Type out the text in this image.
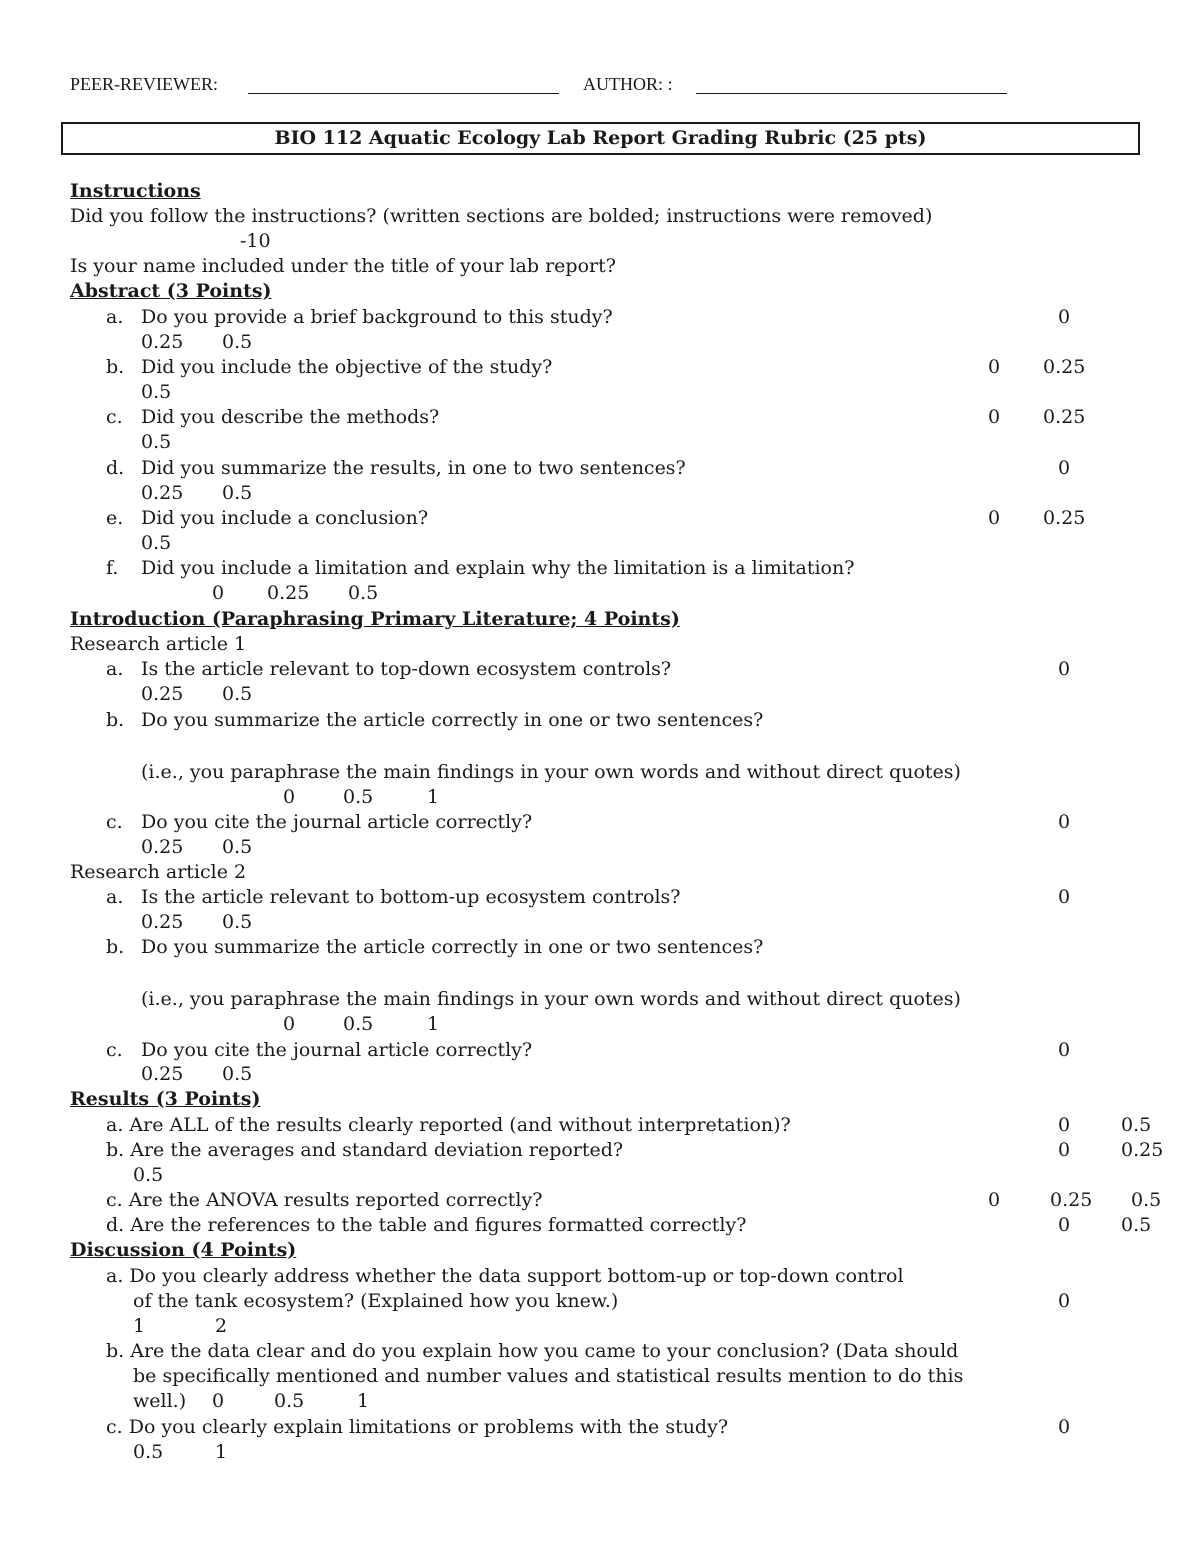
PEER-REVIEWER:	AUTHOR: :
BIO 112 Aquatic Ecology Lab Report Grading Rubric (25 pts)
Instructions
Did you follow the instructions? (written sections are bolded; instructions were removed)
-10
Is your name included under the title of your lab report?
Abstract (3 Points)
a. Do you provide a brief background to this study?	0
0.25 0.5
b. Did you include the objective of the study?	0 0.25
0.5
c. Did you describe the methods?	0 0.25
0.5
d. Did you summarize the results, in one to two sentences?	0
0.25 0.5
e. Did you include a conclusion?	0 0.25
0.5
f. Did you include a limitation and explain why the limitation is a limitation?
0 0.25 0.5
Introduction (Paraphrasing Primary Literature; 4 Points)
Research article 1
a. Is the article relevant to top-down ecosystem controls?	0
0.25 0.5
b. Do you summarize the article correctly in one or two sentences?
(i.e., you paraphrase the main findings in your own words and without direct quotes)
0	0.5	1
c. Do you cite the journal article correctly?	0
0.25 0.5
Research article 2
a. Is the article relevant to bottom-up ecosystem controls?	0
0.25 0.5
b. Do you summarize the article correctly in one or two sentences?
(i.e., you paraphrase the main findings in your own words and without direct quotes)
0	0.5	1
c. Do you cite the journal article correctly?	0
0.25 0.5
Results (3 Points)
a. Are ALL of the results clearly reported (and without interpretation)?	0	0.5
b. Are the averages and standard deviation reported?	0	0.25
0.5
c. Are the ANOVA results reported correctly?	0	0.25 0.5
d. Are the references to the table and figures formatted correctly?	0	0.5
Discussion (4 Points)
a. Do you clearly address whether the data support bottom-up or top-down control
of the tank ecosystem? (Explained how you knew.)	0
1	2
b. Are the data clear and do you explain how you came to your conclusion? (Data should
be specifically mentioned and number values and statistical results mention to do this
well.) 0	0.5	1
c. Do you clearly explain limitations or problems with the study?	0
0.5	1
